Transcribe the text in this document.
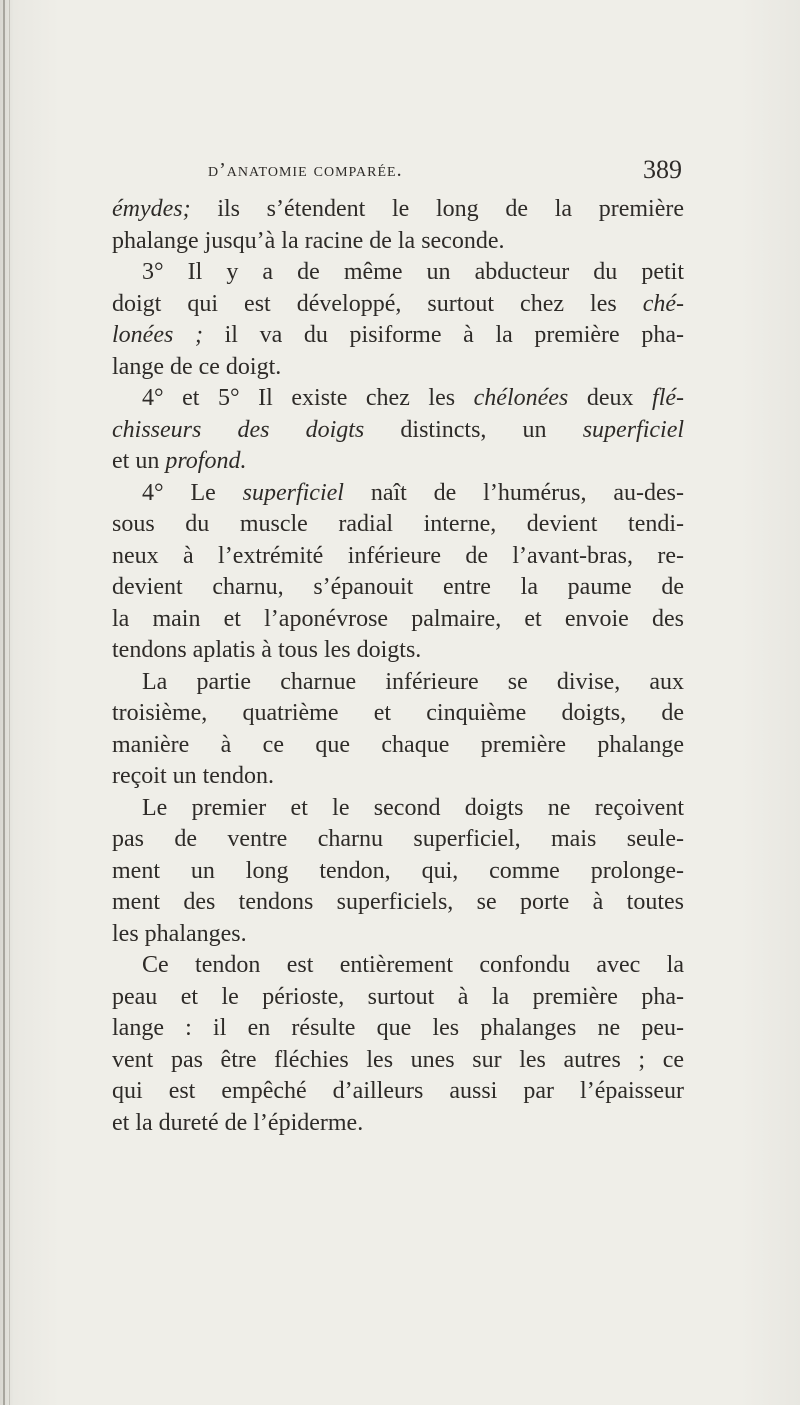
d’anatomie comparée.	389
émydes; ils s’étendent le long de la première
phalange jusqu’à la racine de la seconde.
3° Il y a de même un abducteur du petit
doigt qui est développé, surtout chez les ché-
lonées ; il va du pisiforme à la première pha-
lange de ce doigt.
4° et 5° Il existe chez les chélonées deux flé-
chisseurs des doigts distincts, un superficiel
et un profond.
4° Le superficiel naît de l’humérus, au-des-
sous du muscle radial interne, devient tendi-
neux à l’extrémité inférieure de l’avant-bras, re-
devient charnu, s’épanouit entre la paume de
la main et l’aponévrose palmaire, et envoie des
tendons aplatis à tous les doigts.
La partie charnue inférieure se divise, aux
troisième, quatrième et cinquième doigts, de
manière à ce que chaque première phalange
reçoit un tendon.
Le premier et le second doigts ne reçoivent
pas de ventre charnu superficiel, mais seule-
ment un long tendon, qui, comme prolonge-
ment des tendons superficiels, se porte à toutes
les phalanges.
Ce tendon est entièrement confondu avec la
peau et le périoste, surtout à la première pha-
lange : il en résulte que les phalanges ne peu-
vent pas être fléchies les unes sur les autres ; ce
qui est empêché d’ailleurs aussi par l’épaisseur
et la dureté de l’épiderme.
